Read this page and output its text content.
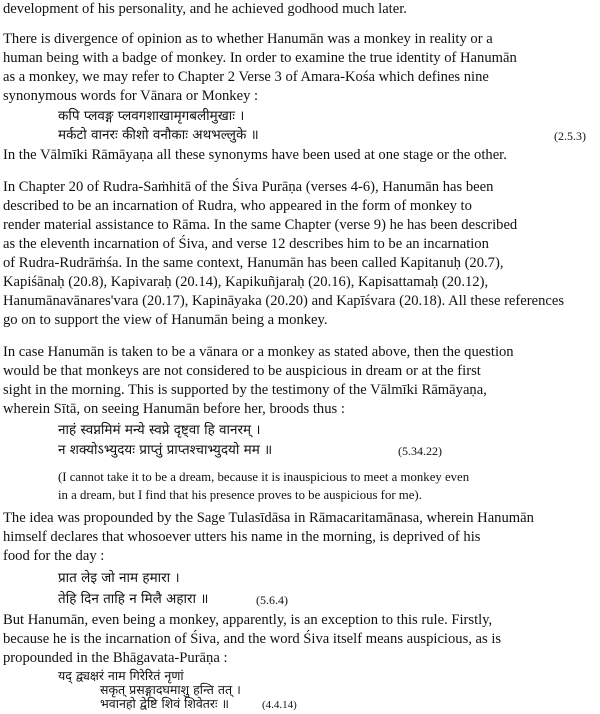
development of his personality, and he achieved godhood much later.
There is divergence of opinion as to whether Hanumān was a monkey in reality or a
human being with a badge of monkey. In order to examine the true identity of Hanumān
as a monkey, we may refer to Chapter 2 Verse 3 of Amara-Kośa which defines nine
synonymous words for Vānara or Monkey :
कपि प्लवङ्ग प्लवगशाखामृगबलीमुखाः ।
मर्कटो वानरः कीशो वनौकाः अथभल्लुके ॥	(2.5.3)
In the Vālmīki Rāmāyaṇa all these synonyms have been used at one stage or the other.
In Chapter 20 of Rudra-Saṁhitā of the Śiva Purāṇa (verses 4-6), Hanumān has been
described to be an incarnation of Rudra, who appeared in the form of monkey to
render material assistance to Rāma. In the same Chapter (verse 9) he has been described
as the eleventh incarnation of Śiva, and verse 12 describes him to be an incarnation
of Rudra-Rudrāṁśa. In the same context, Hanumān has been called Kapitanuḥ (20.7),
Kapiśānaḥ (20.8), Kapivaraḥ (20.14), Kapikuñjaraḥ (20.16), Kapisattamaḥ (20.12),
Hanumānavānares'vara (20.17), Kapināyaka (20.20) and Kapīśvara (20.18). All these references
go on to support the view of Hanumān being a monkey.
In case Hanumān is taken to be a vānara or a monkey as stated above, then the question
would be that monkeys are not considered to be auspicious in dream or at the first
sight in the morning. This is supported by the testimony of the Vālmīki Rāmāyaṇa,
wherein Sītā, on seeing Hanumān before her, broods thus :
नाहं स्वप्नमिमं मन्ये स्वप्ने दृष्ट्वा हि वानरम् ।
न शक्योऽभ्युदयः प्राप्तुं प्राप्तश्चाभ्युदयो मम ॥	(5.34.22)
(I cannot take it to be a dream, because it is inauspicious to meet a monkey even
in a dream, but I find that his presence proves to be auspicious for me).
The idea was propounded by the Sage Tulasīdāsa in Rāmacaritamānasa, wherein Hanumān
himself declares that whosoever utters his name in the morning, is deprived of his
food for the day :
प्रात लेइ जो नाम हमारा ।
तेहि दिन ताहि न मिलै अहारा ॥	(5.6.4)
But Hanumān, even being a monkey, apparently, is an exception to this rule. Firstly,
because he is the incarnation of Śiva, and the word Śiva itself means auspicious, as is
propounded in the Bhāgavata-Purāṇa :
यद् द्व्यक्षरं नाम गिरेरितं नृणां
सकृत् प्रसङ्गादघमाशु हन्ति तत् ।
भवानहो द्वेष्टि शिवं शिवेतरः ॥	(4.4.14)
